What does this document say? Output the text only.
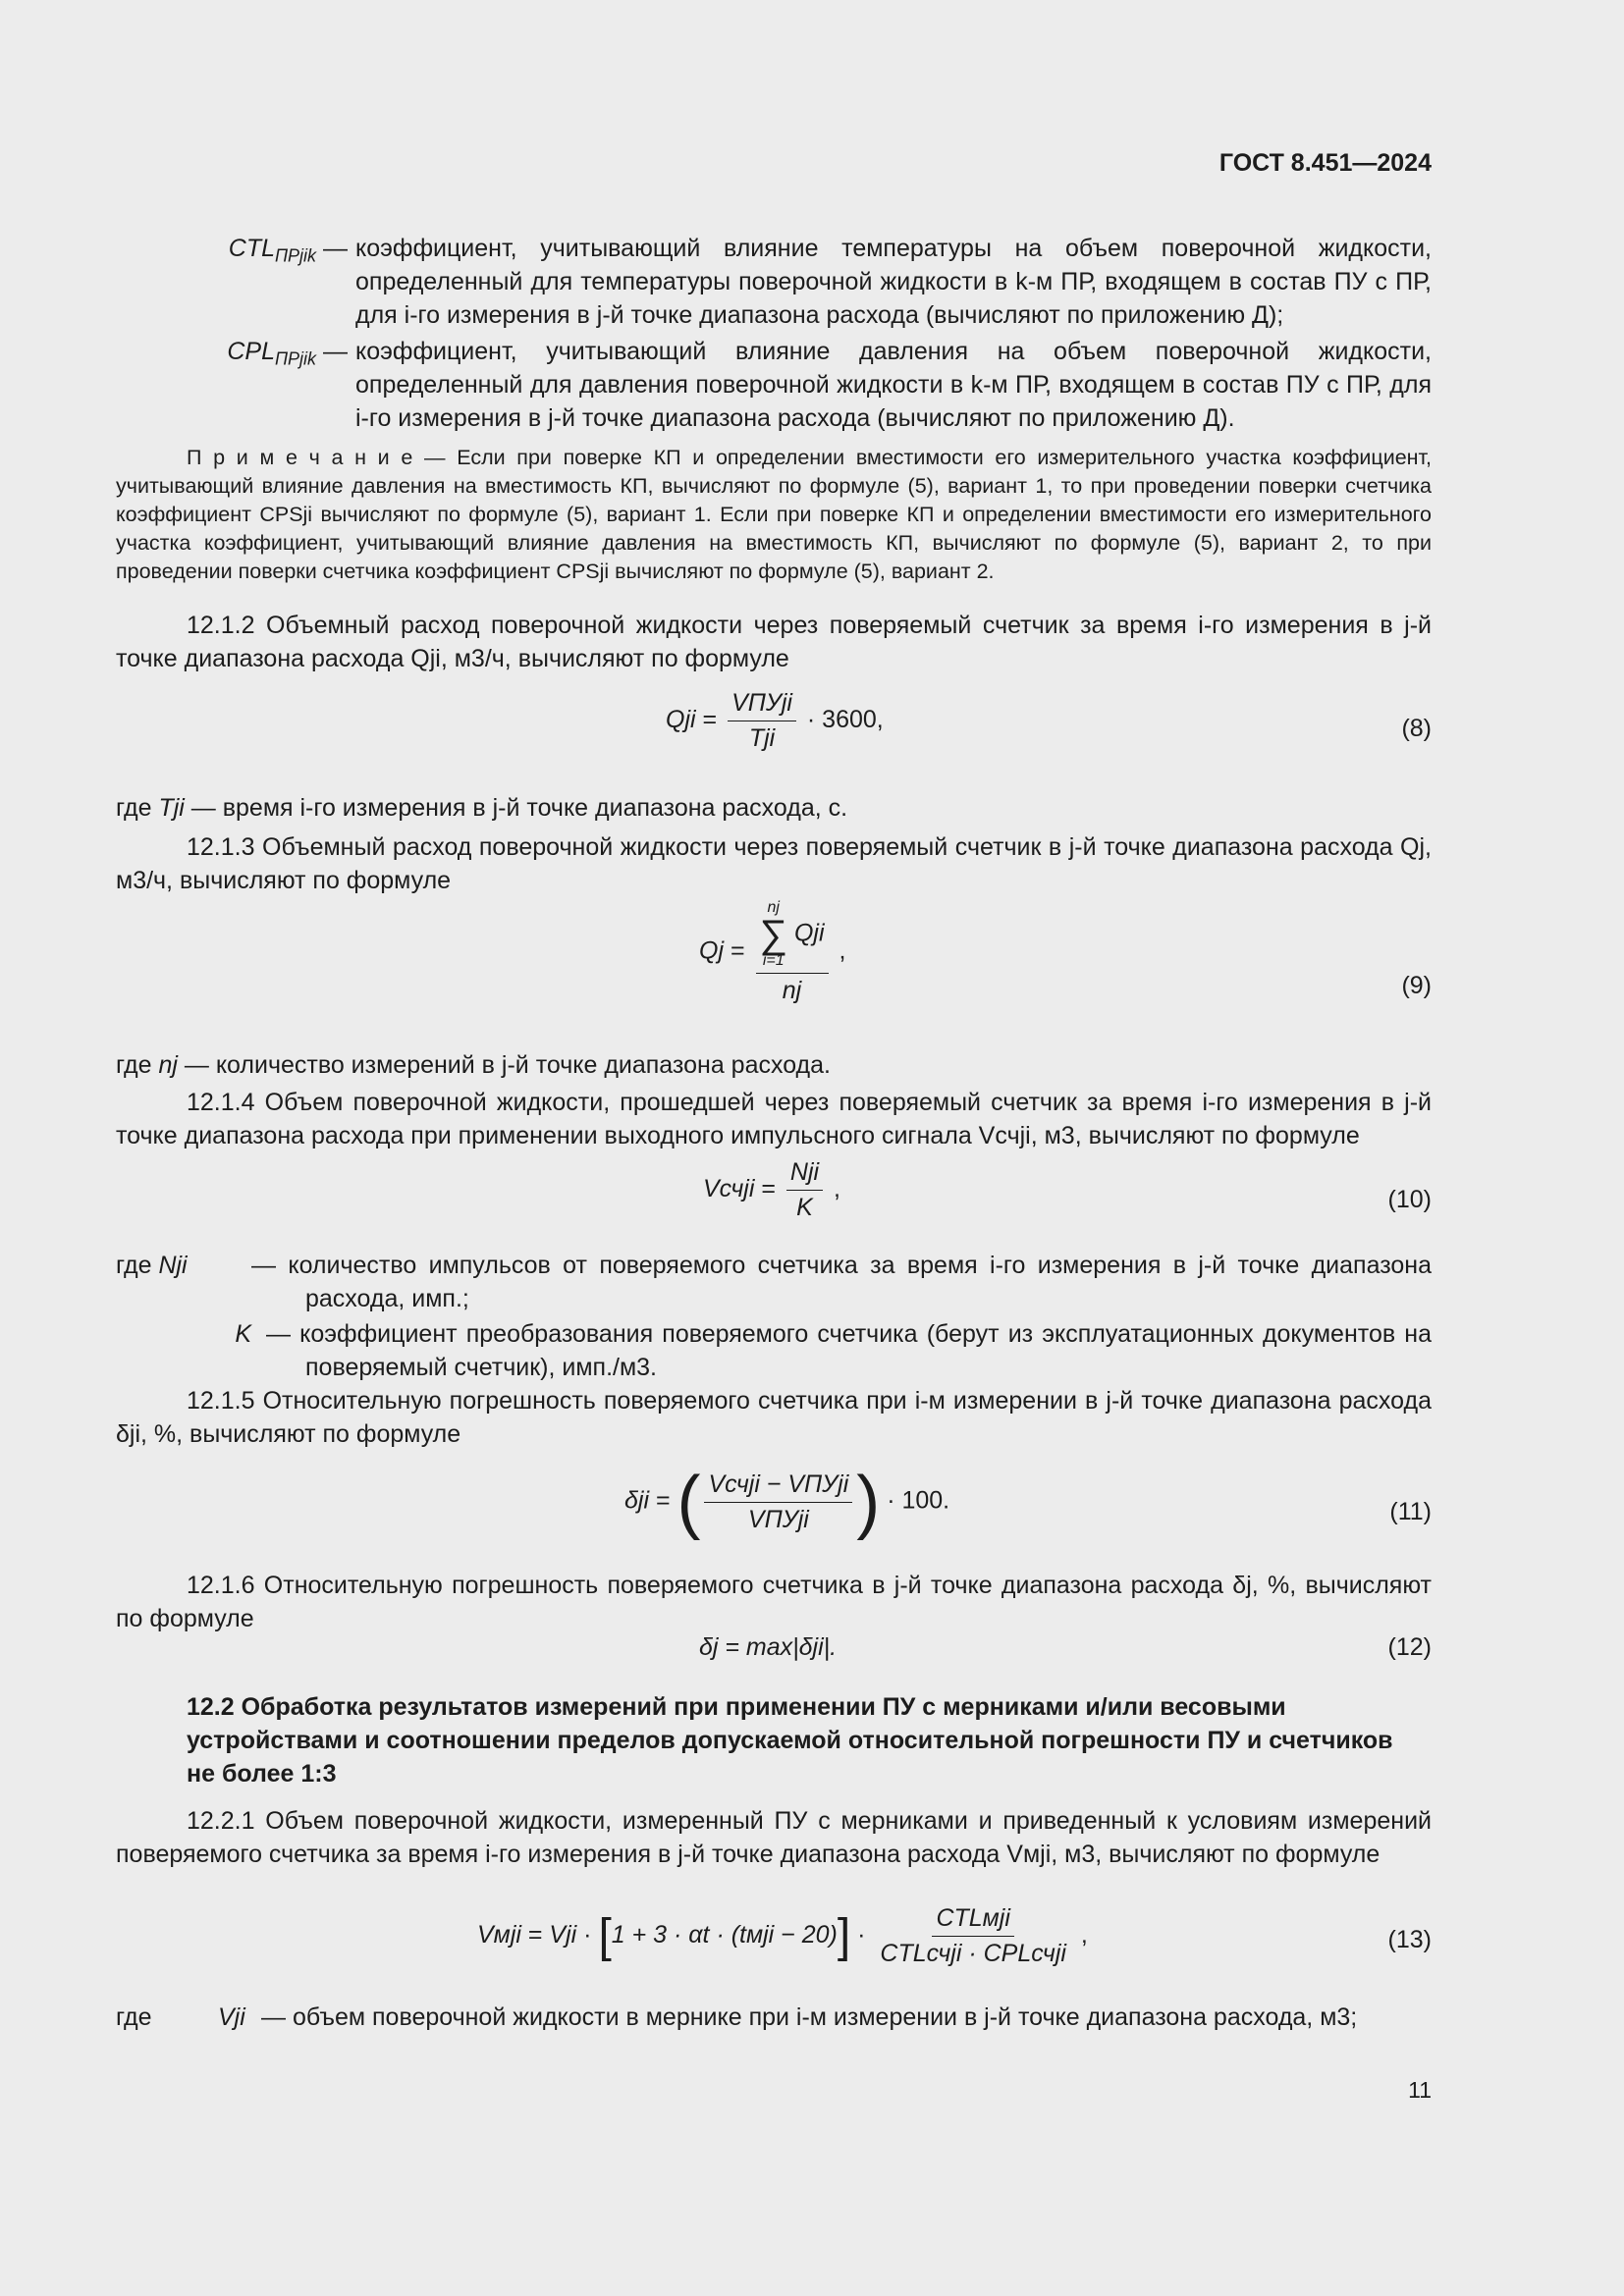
ГОСТ 8.451—2024
$CTL_{ПРjik}$ — коэффициент, учитывающий влияние температуры на объем поверочной жидкости, определенный для температуры поверочной жидкости в k-м ПР, входящем в состав ПУ с ПР, для i-го измерения в j-й точке диапазона расхода (вычисляют по приложению Д);
$CPL_{ПРjik}$ — коэффициент, учитывающий влияние давления на объем поверочной жидкости, определенный для давления поверочной жидкости в k-м ПР, входящем в состав ПУ с ПР, для i-го измерения в j-й точке диапазона расхода (вычисляют по приложению Д).
П р и м е ч а н и е — Если при поверке КП и определении вместимости его измерительного участка коэффициент, учитывающий влияние давления на вместимость КП, вычисляют по формуле (5), вариант 1, то при проведении поверки счетчика коэффициент CPSji вычисляют по формуле (5), вариант 1. Если при поверке КП и определении вместимости его измерительного участка коэффициент, учитывающий влияние давления на вместимость КП, вычисляют по формуле (5), вариант 2, то при проведении поверки счетчика коэффициент CPSji вычисляют по формуле (5), вариант 2.
12.1.2 Объемный расход поверочной жидкости через поверяемый счетчик за время i-го измерения в j-й точке диапазона расхода Qji, м3/ч, вычисляют по формуле
Qji = $\frac{\text{VПУji}}{\text{Tji}} \cdot 3600$,	(8)
где Tji — время i-го измерения в j-й точке диапазона расхода, с.
12.1.3 Объемный расход поверочной жидкости через поверяемый счетчик в j-й точке диапазона расхода Qj, м3/ч, вычисляют по формуле
Qj = nj
∑
i=1
Qji
nj ,
(9)
где nj — количество измерений в j-й точке диапазона расхода.
12.1.4 Объем поверочной жидкости, прошедшей через поверяемый счетчик за время i-го измерения в j-й точке диапазона расхода при применении выходного импульсного сигнала Vсчji, м3, вычисляют по формуле
Vсчji = $\frac{\text{Nji}}{K}$ ,	(10)
где Nji	— количество импульсов от поверяемого счетчика за время i-го измерения в j-й точке диапазона расхода, имп.;
K — коэффициент преобразования поверяемого счетчика (берут из эксплуатационных документов на поверяемый счетчик), имп./м3.
12.1.5 Относительную погрешность поверяемого счетчика при i-м измерении в j-й точке диапазона расхода δji, %, вычисляют по формуле
δji = ( $\frac{\text{Vсчji − VПУji}}{\text{VПУji}}$ ) · 100.	(11)
12.1.6 Относительную погрешность поверяемого счетчика в j-й точке диапазона расхода δj, %, вычисляют по формуле
δj = max|δji|.	(12)
12.2 Обработка результатов измерений при применении ПУ с мерниками и/или весовыми устройствами и соотношении пределов допускаемой относительной погрешности ПУ и счетчиков не более 1:3
12.2.1 Объем поверочной жидкости, измеренный ПУ с мерниками и приведенный к условиям измерений поверяемого счетчика за время i-го измерения в j-й точке диапазона расхода Vмji, м3, вычисляют по формуле
Vмji = Vji · [1 + 3 · αt · (tмji − $20)] \cdot \frac{\text{CTLмji}}{\text{CTLсчji · CPLсчji}}$ ,	(13)
где	Vji — объем поверочной жидкости в мернике при i-м измерении в j-й точке диапазона расхода, м3;
11
